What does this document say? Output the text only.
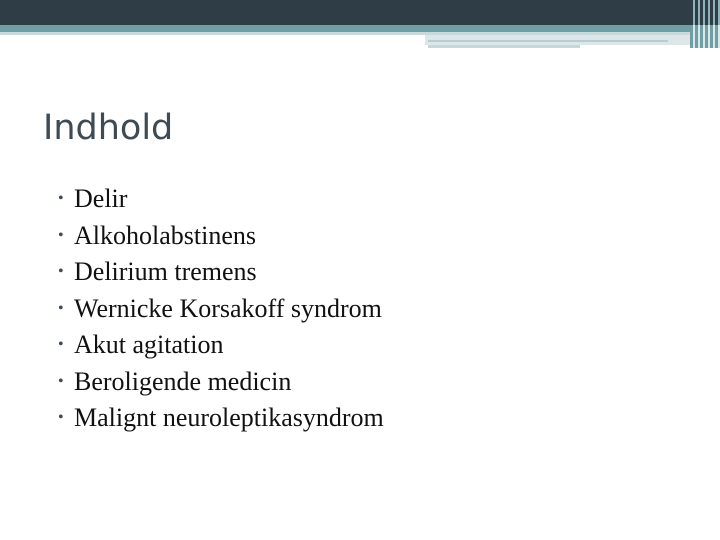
Indhold
• Delir
• Alkoholabstinens
• Delirium tremens
• Wernicke Korsakoff syndrom
• Akut agitation
• Beroligende medicin
• Malignt neuroleptikasyndrom
